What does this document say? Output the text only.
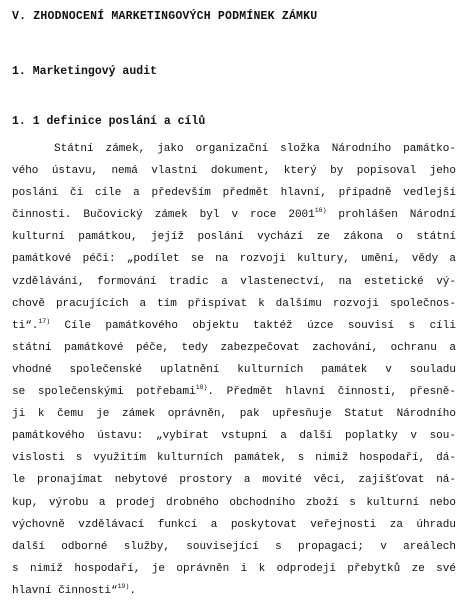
V. ZHODNOCENÍ MARKETINGOVÝCH PODMÍNEK ZÁMKU
1. Marketingový audit
1. 1 definice poslání a cílů
Státní zámek, jako organizační složka Národního památko-
vého ústavu, nemá vlastní dokument, který by popisoval jeho
poslání či cíle a především předmět hlavní, případně vedlejší
činnosti. Bučovický zámek byl v roce 2001$^{16)}$ prohlášen Národní
kulturní památkou, jejíž poslání vychází ze zákona o státní
památkové péči: „podílet se na rozvoji kultury, umění, vědy a
vzdělávání, formování tradic a vlastenectví, na estetické vý-
chově pracujících a tím přispívat k dalšímu rozvoji společnos-
ti“.$^{17)}$ Cíle památkového objektu taktéž úzce souvisí s cíli
státní památkové péče, tedy zabezpečovat zachování, ochranu a
vhodné společenské uplatnění kulturních památek v souladu
se společenskými potřebami$^{18)}$. Předmět hlavní činnosti, přesně-
ji k čemu je zámek oprávněn, pak upřesňuje Statut Národního
památkového ústavu: „vybírat vstupní a další poplatky v sou-
vislosti s využitím kulturních památek, s nimiž hospodaří, dá-
le pronajímat nebytové prostory a movité věci, zajišťovat ná-
kup, výrobu a prodej drobného obchodního zboží s kulturní nebo
výchovně vzdělávací funkcí a poskytovat veřejnosti za úhradu
další odborné služby, související s propagací; v areálech
s nimiž hospodaří, je oprávněn i k odprodeji přebytků ze své
hlavní činnosti“$^{19)}$.
